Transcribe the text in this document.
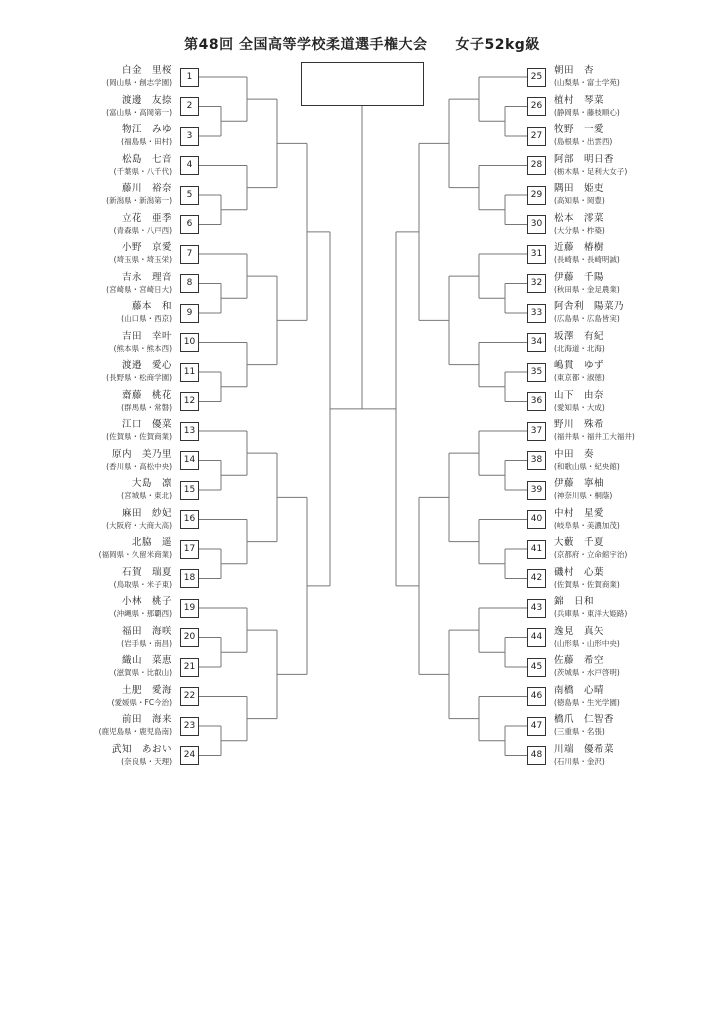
第48回 全国高等学校柔道選手権大会 女子52kg級
1
白金　里桜
(岡山県・創志学園)
2
渡邊　友捺
(富山県・高岡第一)
3
物江　みゆ
(福島県・田村)
4
松島　七音
(千葉県・八千代)
5
藤川　裕奈
(新潟県・新潟第一)
6
立花　亜季
(青森県・八戸西)
7
小野　京愛
(埼玉県・埼玉栄)
8
吉永　理音
(宮崎県・宮崎日大)
9
藤本　和
(山口県・西京)
10
吉田　幸叶
(熊本県・熊本西)
11
渡邉　愛心
(長野県・松商学園)
12
齋藤　桃花
(群馬県・常磐)
13
江口　優菜
(佐賀県・佐賀商業)
14
原内　美乃里
(香川県・高松中央)
15
大島　凛
(宮城県・東北)
16
麻田　紗妃
(大阪府・大商大高)
17
北脇　遥
(福岡県・久留米商業)
18
石賀　瑞夏
(鳥取県・米子東)
19
小林　桃子
(沖縄県・那覇西)
20
福田　海咲
(岩手県・南昌)
21
織山　菜恵
(滋賀県・比叡山)
22
土肥　愛海
(愛媛県・FC今治)
23
前田　海来
(鹿児島県・鹿児島南)
24
武知　あおい
(奈良県・天理)
25
朝田　杏
(山梨県・富士学苑)
26
植村　琴菜
(静岡県・藤枝順心)
27
牧野　一愛
(島根県・出雲西)
28
阿部　明日香
(栃木県・足利大女子)
29
隅田　姫吏
(高知県・岡豊)
30
松本　澪菜
(大分県・柞築)
31
近藤　椿樹
(長崎県・長崎明誠)
32
伊藤　千陽
(秋田県・金足農業)
33
阿舎利　陽菜乃
(広島県・広島皆実)
34
坂澤　有紀
(北海道・北海)
35
嶋貫　ゆず
(東京都・淑徳)
36
山下　由奈
(愛知県・大成)
37
野川　殊希
(福井県・福井工大福井)
38
中田　奏
(和歌山県・紀央館)
39
伊藤　寧柚
(神奈川県・桐蔭)
40
中村　星愛
(岐阜県・美濃加茂)
41
大藪　千夏
(京都府・立命館宇治)
42
磯村　心葉
(佐賀県・佐賀商業)
43
錦　日和
(兵庫県・東洋大姫路)
44
逸見　真矢
(山形県・山形中央)
45
佐藤　希空
(茨城県・水戸啓明)
46
南橋　心晴
(徳島県・生光学園)
47
橋爪　仁智香
(三重県・名張)
48
川端　優希菜
(石川県・金沢)
